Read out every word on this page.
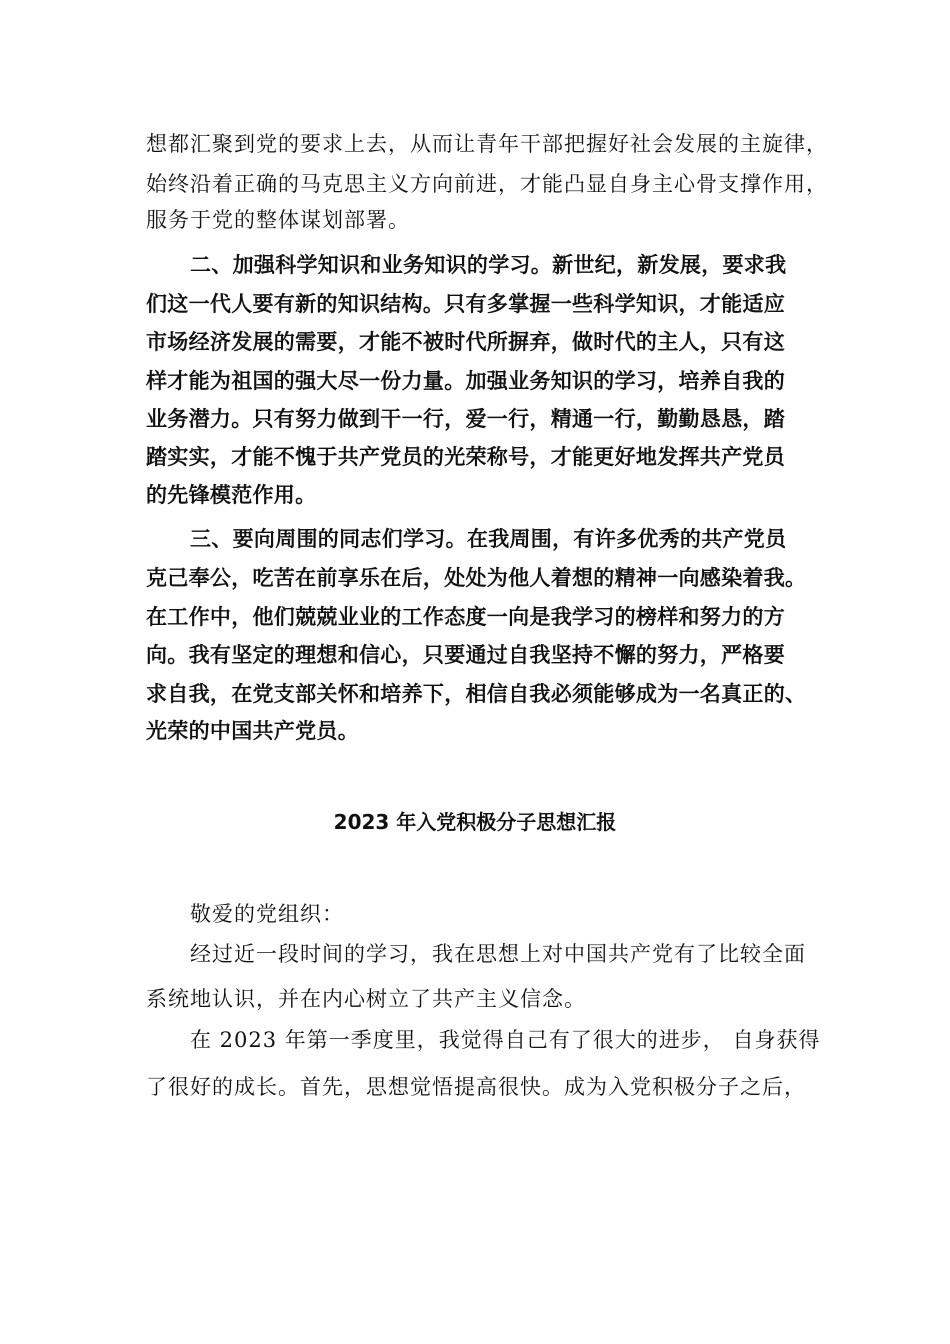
想都汇聚到党的要求上去，从而让青年干部把握好社会发展的主旋律，
始终沿着正确的马克思主义方向前进，才能凸显自身主心骨支撑作用，
服务于党的整体谋划部署。
二、加强科学知识和业务知识的学习。新世纪，新发展，要求我
们这一代人要有新的知识结构。只有多掌握一些科学知识，才能适应
市场经济发展的需要，才能不被时代所摒弃，做时代的主人，只有这
样才能为祖国的强大尽一份力量。加强业务知识的学习，培养自我的
业务潜力。只有努力做到干一行，爱一行，精通一行，勤勤恳恳，踏
踏实实，才能不愧于共产党员的光荣称号，才能更好地发挥共产党员
的先锋模范作用。
三、要向周围的同志们学习。在我周围，有许多优秀的共产党员
克己奉公，吃苦在前享乐在后，处处为他人着想的精神一向感染着我。
在工作中，他们兢兢业业的工作态度一向是我学习的榜样和努力的方
向。我有坚定的理想和信心，只要通过自我坚持不懈的努力，严格要
求自我，在党支部关怀和培养下，相信自我必须能够成为一名真正的、
光荣的中国共产党员。
2023 年入党积极分子思想汇报
敬爱的党组织：
经过近一段时间的学习，我在思想上对中国共产党有了比较全面
系统地认识，并在内心树立了共产主义信念。
在 2023 年第一季度里，我觉得自己有了很大的进步， 自身获得
了很好的成长。首先，思想觉悟提高很快。成为入党积极分子之后，
